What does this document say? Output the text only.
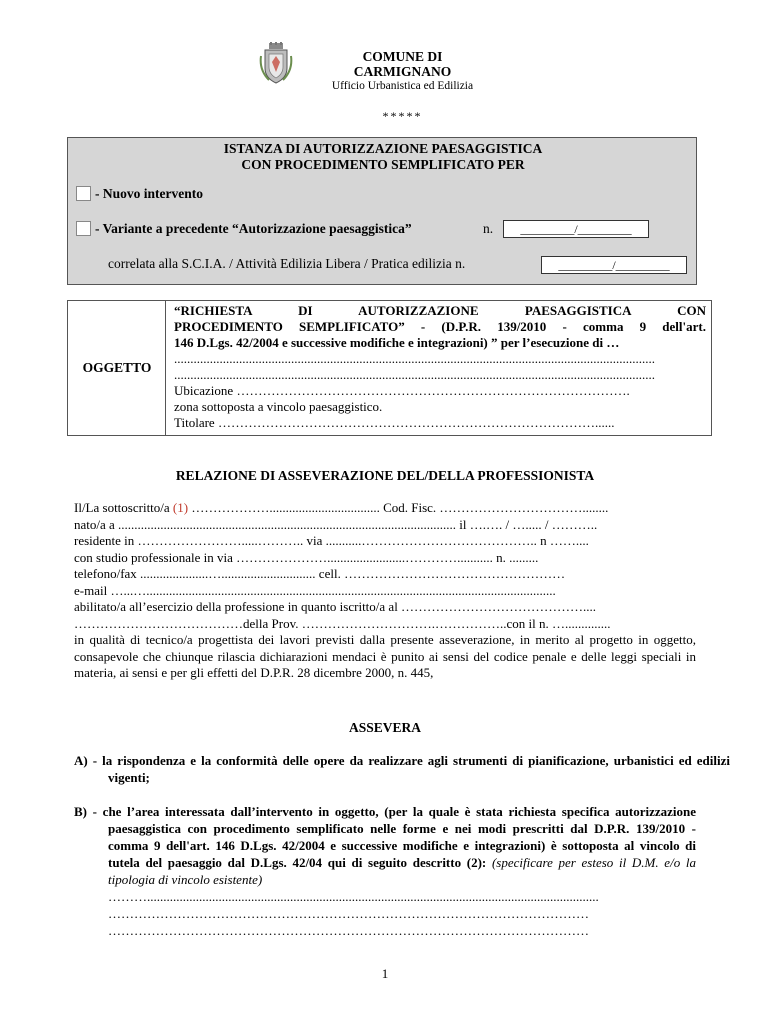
COMUNE DI
CARMIGNANO
Ufficio Urbanistica ed Edilizia
*****
ISTANZA DI AUTORIZZAZIONE PAESAGGISTICA
CON PROCEDIMENTO SEMPLIFICATO PER
- Nuovo intervento
- Variante a precedente “Autorizzazione paesaggistica”	n.	_________/_________
correlata alla S.C.I.A. / Attività Edilizia Libera / Pratica edilizia n.	_________/_________
OGGETTO
“RICHIESTA DI AUTORIZZAZIONE PAESAGGISTICA CON
PROCEDIMENTO SEMPLIFICATO” - (D.P.R. 139/2010 - comma 9 dell'art.
146 D.Lgs. 42/2004 e successive modifiche e integrazioni) ” per l’esecuzione di …
....................................................................................................................................................
....................................................................................................................................................
Ubicazione ……………………………………………………………………………….
zona sottoposta a vincolo paesaggistico.
Titolare ……………………………………………………………………………......
RELAZIONE DI ASSEVERAZIONE DEL/DELLA PROFESSIONISTA
Il/La sottoscritto/a (1) ……………….................................. Cod. Fisc. ……………………………........
nato/a a ........................................................................................................ il ….…. / …..... / ………..
residente in …………………….....……….. via ...........………………………………….. n ……....
con studio professionale in via …………………........................…………........... n. .........
telefono/fax .....................…............................. cell. ……………………………………………
e-mail …...…..............................................................................................................................
abilitato/a all’esercizio della professione in quanto iscritto/a al ……………………………………....
…………………………………della Prov. ………………………….……………..con il n. …..............
in qualità di tecnico/a progettista dei lavori previsti dalla presente asseverazione, in merito al progetto in oggetto, consapevole che chiunque rilascia dichiarazioni mendaci è punito ai sensi del codice penale e delle leggi speciali in materia, ai sensi e per gli effetti del D.P.R. 28 dicembre 2000, n. 445,
ASSEVERA
A) - la rispondenza e la conformità delle opere da realizzare agli strumenti di pianificazione, urbanistici ed edilizi vigenti;
B) - che l’area interessata dall’intervento in oggetto, (per la quale è stata richiesta specifica autorizzazione paesaggistica con procedimento semplificato nelle forme e nei modi prescritti dal D.P.R. 139/2010 - comma 9 dell'art. 146 D.Lgs. 42/2004 e successive modifiche e integrazioni) è sottoposta al vincolo di tutela del paesaggio dal D.Lgs. 42/04 qui di seguito descritto (2): (specificare per esteso il D.M. e/o la tipologia di vincolo esistente)
………...........................................................................................................................................
…………………………………………………………………………………………………
…………………………………………………………………………………………………
1
